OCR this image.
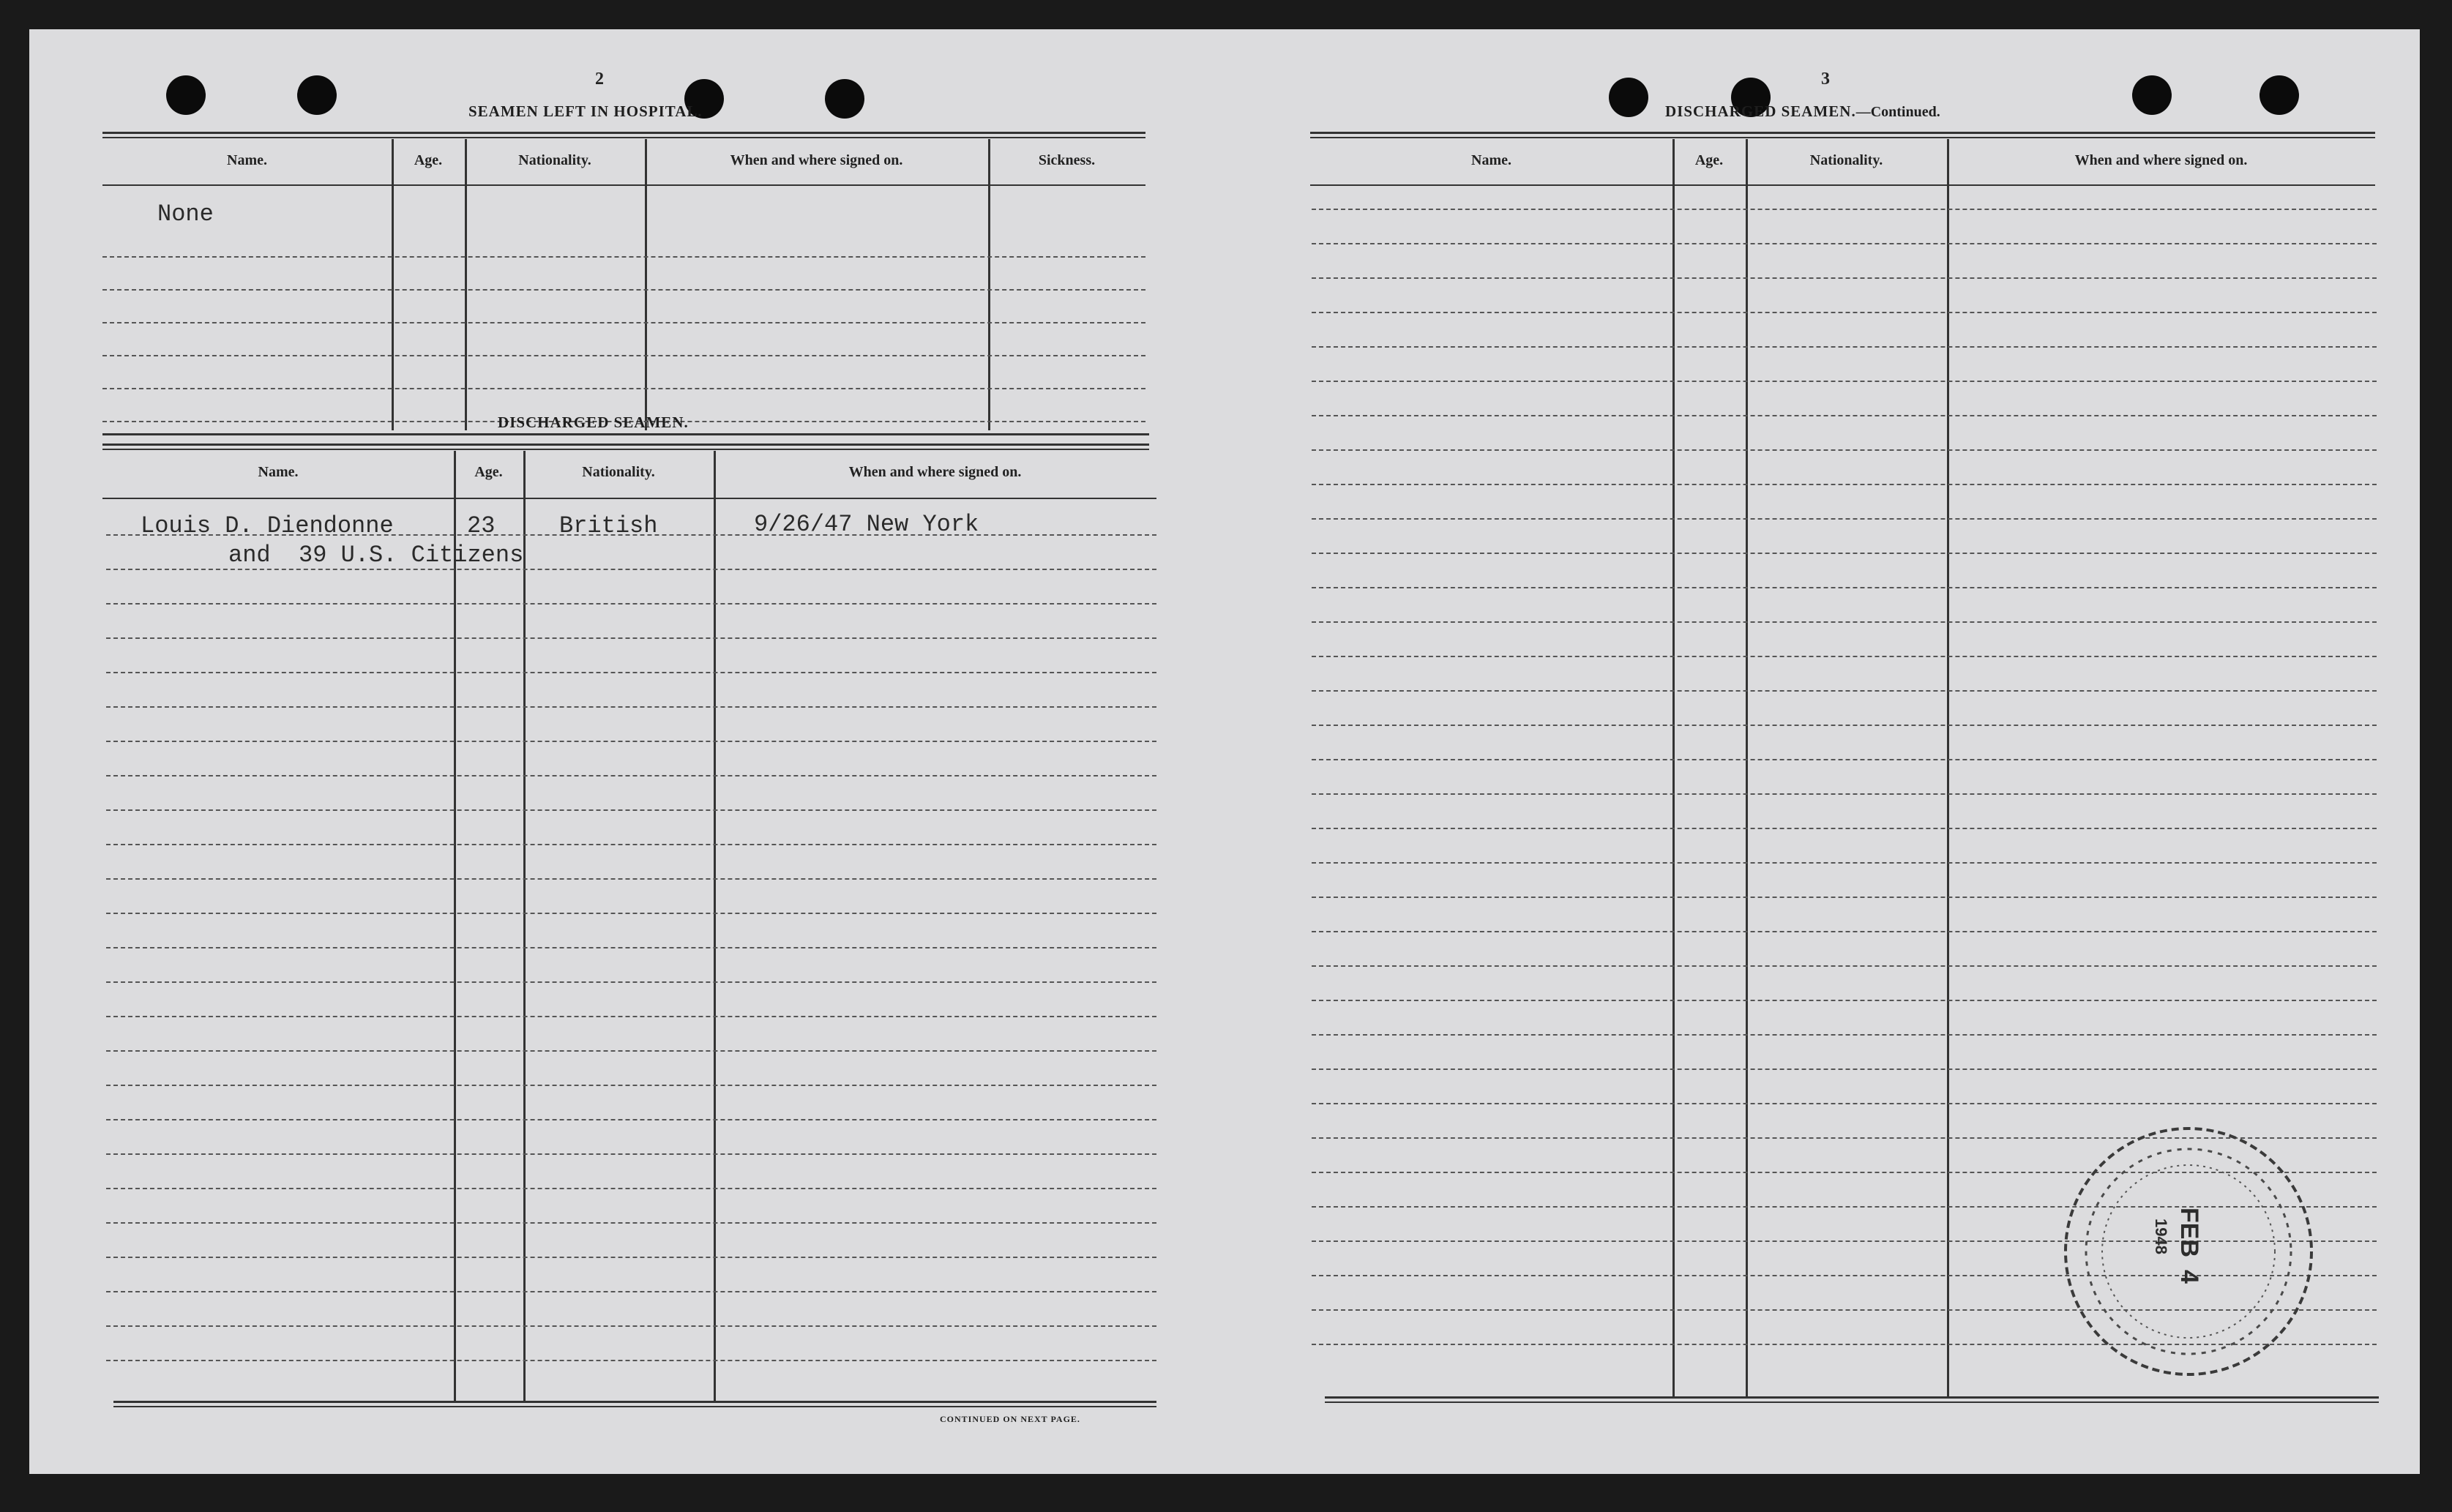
2
SEAMEN LEFT IN HOSPITAL.
Name.	Age.	Nationality.	When and where signed on.	Sickness.
None
DISCHARGED SEAMEN.
Name.	Age.	Nationality.	When and where signed on.
Louis D. Diendonne	23	British	9/26/47 New York
and  39 U.S. Citizens
CONTINUED ON NEXT PAGE.
3
DISCHARGED SEAMEN.—Continued.
Name.	Age.	Nationality.	When and where signed on.
FEB
4
1948
